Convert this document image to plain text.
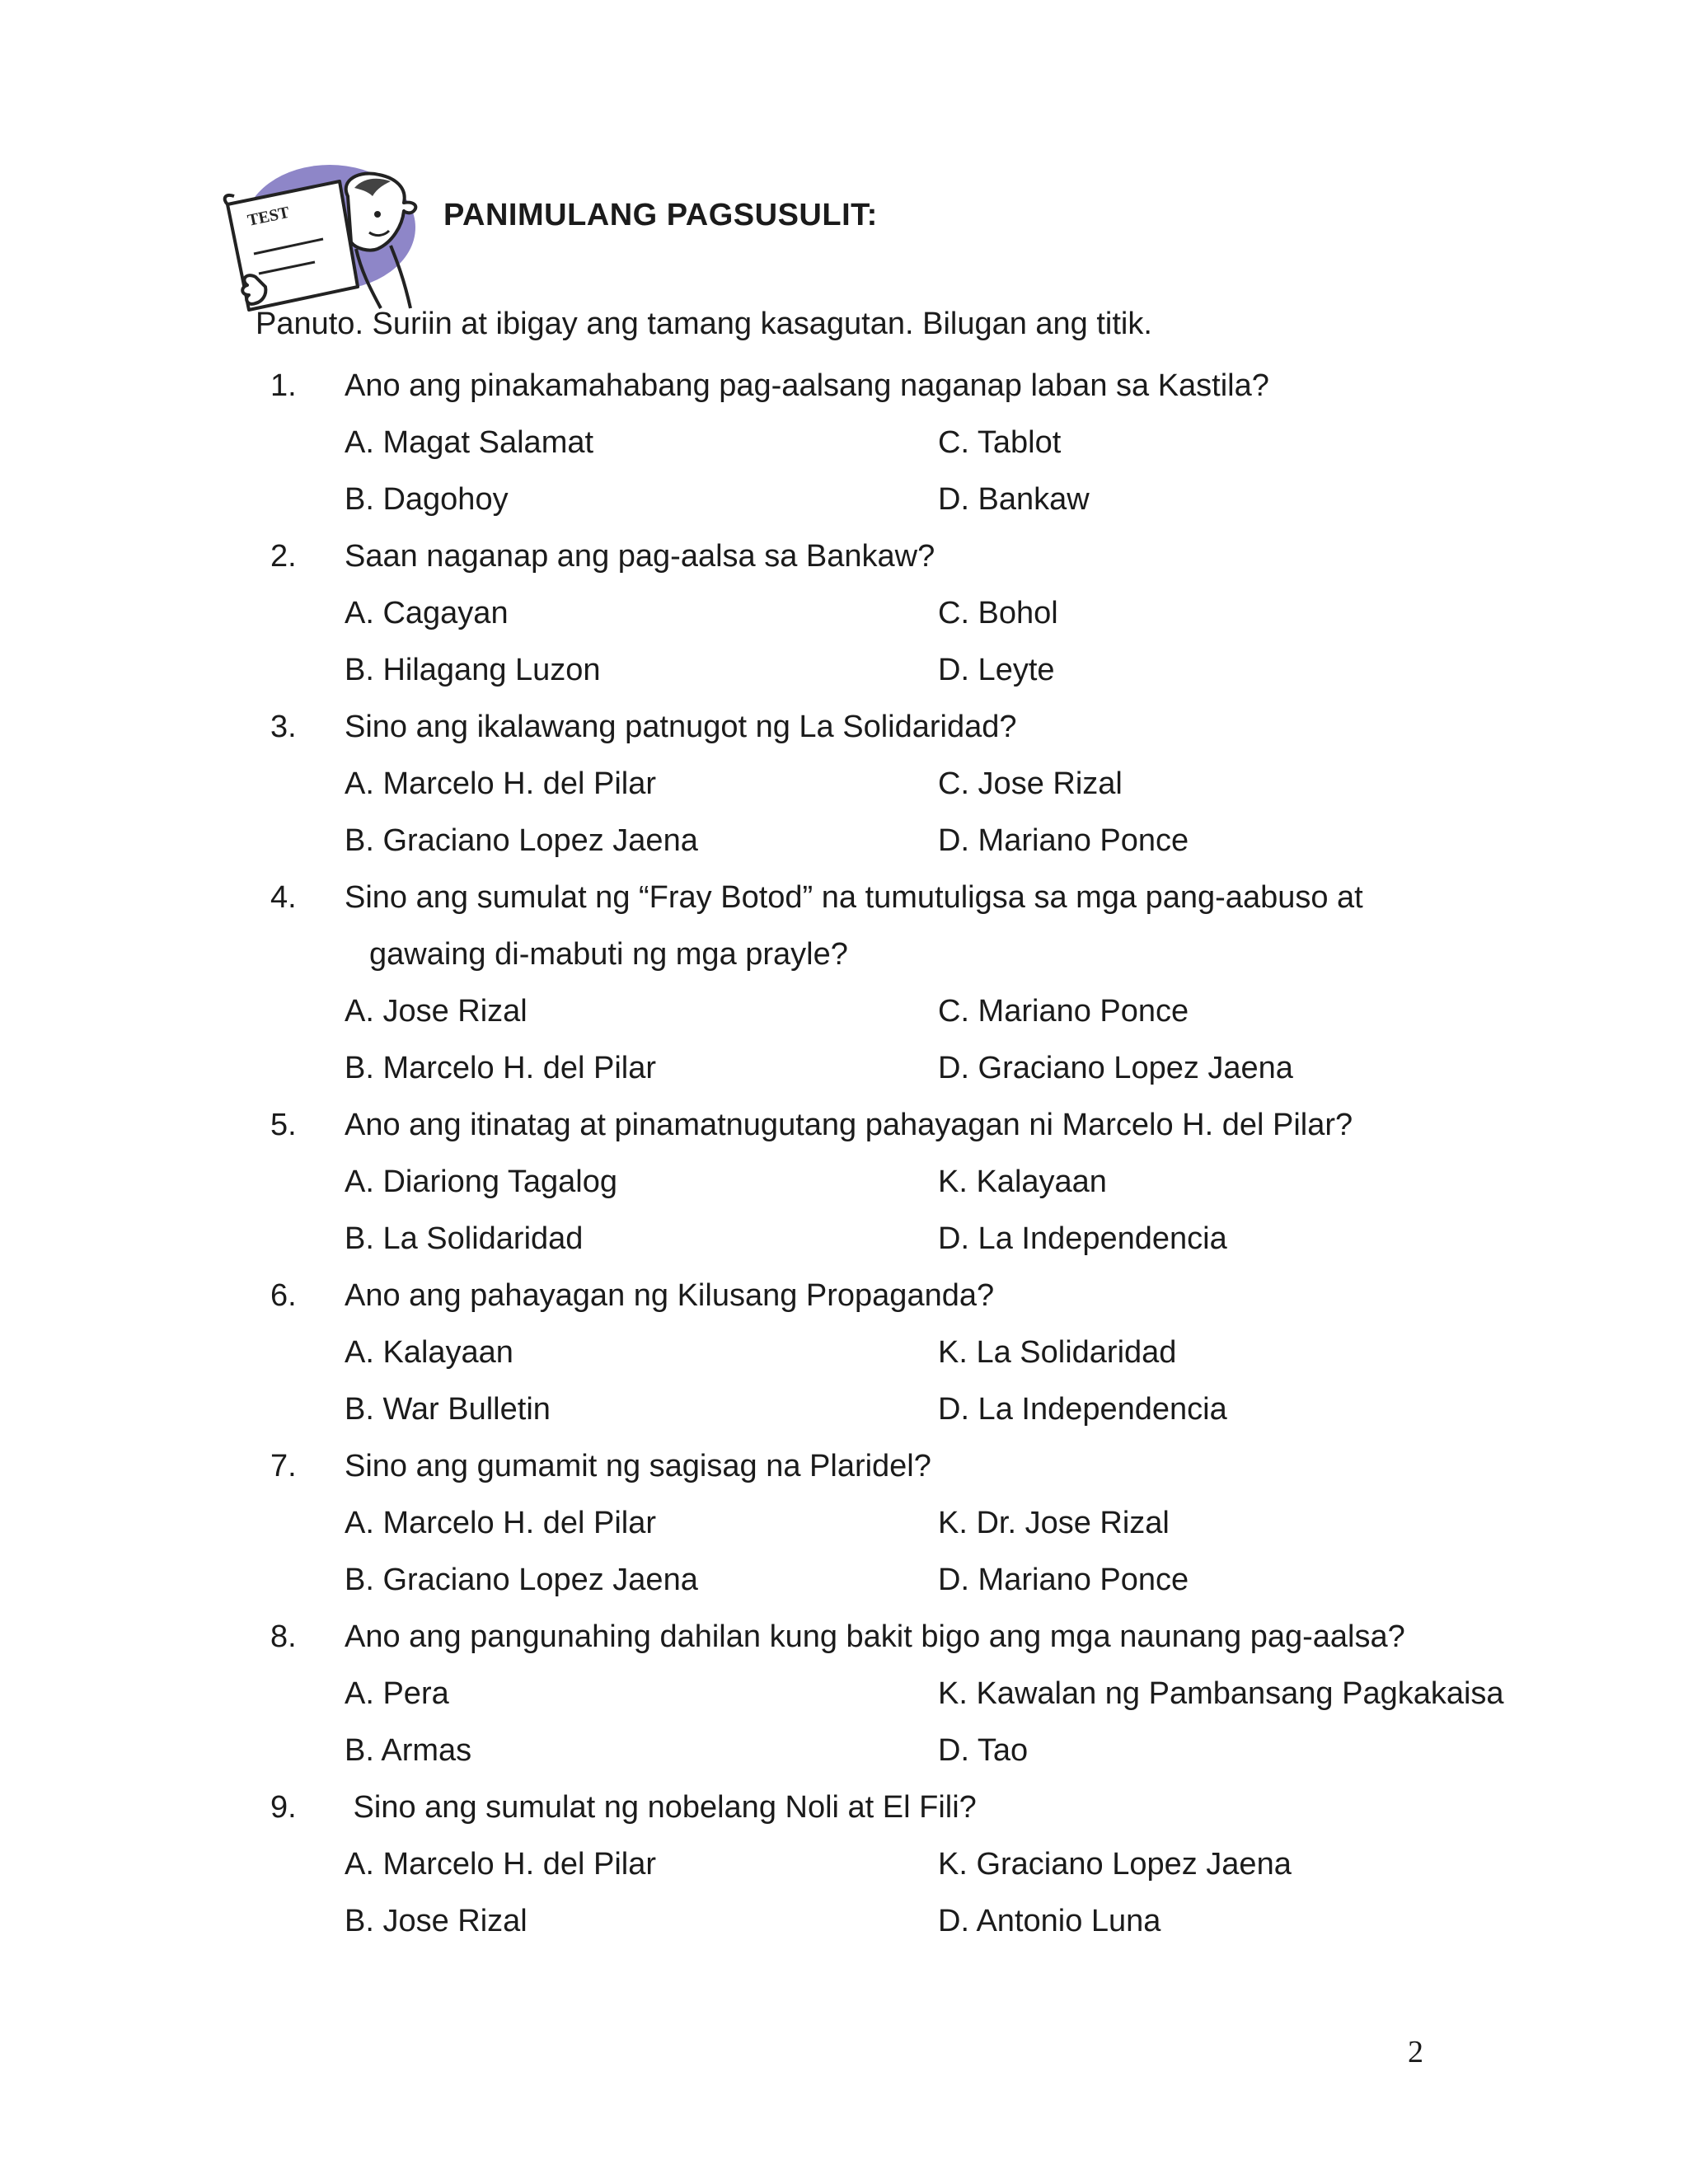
TEST	PANIMULANG PAGSUSULIT:
Panuto. Suriin at ibigay ang tamang kasagutan. Bilugan ang titik.
1. Ano ang pinakamahabang pag-aalsang naganap laban sa Kastila?
A. Magat Salamat	C. Tablot
B. Dagohoy	D. Bankaw
2. Saan naganap ang pag-aalsa sa Bankaw?
A. Cagayan	C. Bohol
B. Hilagang Luzon	D. Leyte
3. Sino ang ikalawang patnugot ng La Solidaridad?
A. Marcelo H. del Pilar	C. Jose Rizal
B. Graciano Lopez Jaena	D. Mariano Ponce
4. Sino ang sumulat ng “Fray Botod” na tumutuligsa sa mga pang-aabuso at
gawaing di-mabuti ng mga prayle?
A. Jose Rizal	C. Mariano Ponce
B. Marcelo H. del Pilar	D. Graciano Lopez Jaena
5. Ano ang itinatag at pinamatnugutang pahayagan ni Marcelo H. del Pilar?
A. Diariong Tagalog	K. Kalayaan
B. La Solidaridad	D. La Independencia
6. Ano ang pahayagan ng Kilusang Propaganda?
A. Kalayaan	K. La Solidaridad
B. War Bulletin	D. La Independencia
7. Sino ang gumamit ng sagisag na Plaridel?
A. Marcelo H. del Pilar	K. Dr. Jose Rizal
B. Graciano Lopez Jaena	D. Mariano Ponce
8. Ano ang pangunahing dahilan kung bakit bigo ang mga naunang pag-aalsa?
A. Pera	K. Kawalan ng Pambansang Pagkakaisa
B. Armas	D. Tao
9. Sino ang sumulat ng nobelang Noli at El Fili?
A. Marcelo H. del Pilar	K. Graciano Lopez Jaena
B. Jose Rizal	D. Antonio Luna
2
